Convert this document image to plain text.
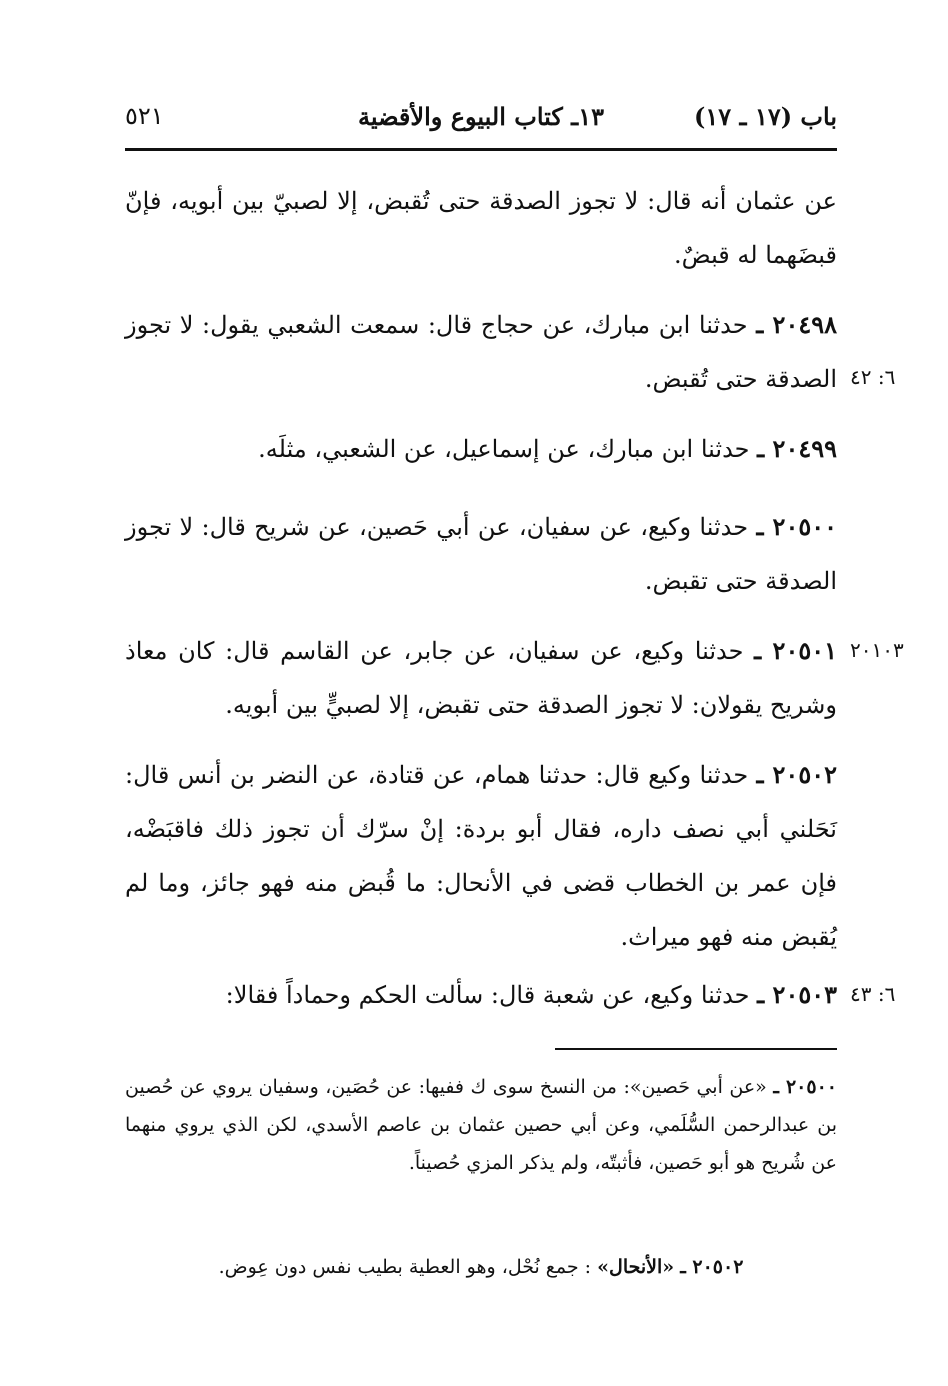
باب (١٧ ـ ١٧)
١٣ـ كتاب البيوع والأقضية
٥٢١
عن عثمان أنه قال: لا تجوز الصدقة حتى تُقبض، إلا لصبيّ بين أبويه، فإنّ قبضَهما له قبضٌ.
٢٠٤٩٨ ـ حدثنا ابن مبارك، عن حجاج قال: سمعت الشعبي يقول: لا تجوز الصدقة حتى تُقبض. ٦: ٤٢
٢٠٤٩٩ ـ حدثنا ابن مبارك، عن إسماعيل، عن الشعبي، مثلَه.
٢٠٥٠٠ ـ حدثنا وكيع، عن سفيان، عن أبي حَصين، عن شريح قال: لا تجوز الصدقة حتى تقبض.
٢٠٥٠١ ـ حدثنا وكيع، عن سفيان، عن جابر، عن القاسم قال: كان معاذ وشريح يقولان: لا تجوز الصدقة حتى تقبض، إلا لصبيٍّ بين أبويه.
٢٠١٠٣
٢٠٥٠٢ ـ حدثنا وكيع قال: حدثنا همام، عن قتادة، عن النضر بن أنس قال: نَحَلني أبي نصف داره، فقال أبو بردة: إنْ سرّك أن تجوز ذلك فاقبَضْه، فإن عمر بن الخطاب قضى في الأنحال: ما قُبض منه فهو جائز، وما لم يُقبض منه فهو ميراث.
٢٠٥٠٣ ـ حدثنا وكيع، عن شعبة قال: سألت الحكم وحماداً فقالا:	٦: ٤٣
٢٠٥٠٠ ـ «عن أبي حَصين»: من النسخ سوى ك ففيها: عن حُصَين، وسفيان يروي عن حُصين بن عبدالرحمن السُّلَمي، وعن أبي حصين عثمان بن عاصم الأسدي، لكن الذي يروي منهما عن شُريح هو أبو حَصين، فأثبتّه، ولم يذكر المزي حُصيناً.
٢٠٥٠٢ ـ «الأنحال» : جمع نُحْل، وهو العطية بطيب نفس دون عِوض.
